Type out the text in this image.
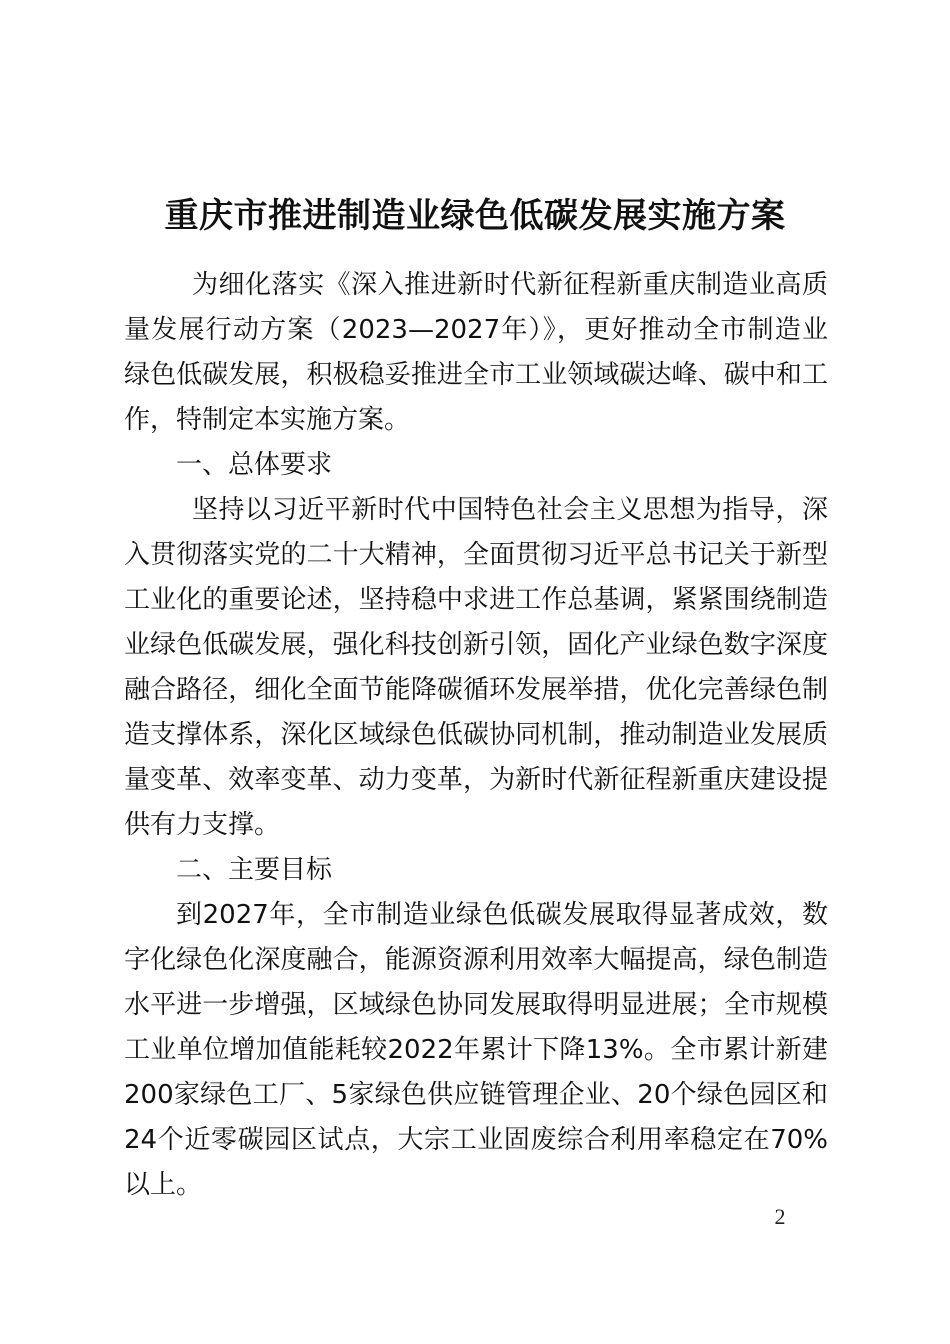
重庆市推进制造业绿色低碳发展实施方案

为细化落实《深入推进新时代新征程新重庆制造业高质量发展行动方案（2023—2027年）》，更好推动全市制造业绿色低碳发展，积极稳妥推进全市工业领域碳达峰、碳中和工作，特制定本实施方案。

一、总体要求

坚持以习近平新时代中国特色社会主义思想为指导，深入贯彻落实党的二十大精神，全面贯彻习近平总书记关于新型工业化的重要论述，坚持稳中求进工作总基调，紧紧围绕制造业绿色低碳发展，强化科技创新引领，固化产业绿色数字深度融合路径，细化全面节能降碳循环发展举措，优化完善绿色制造支撑体系，深化区域绿色低碳协同机制，推动制造业发展质量变革、效率变革、动力变革，为新时代新征程新重庆建设提供有力支撑。

二、主要目标

到2027年，全市制造业绿色低碳发展取得显著成效，数字化绿色化深度融合，能源资源利用效率大幅提高，绿色制造水平进一步增强，区域绿色协同发展取得明显进展；全市规模工业单位增加值能耗较2022年累计下降13%。全市累计新建200家绿色工厂、5家绿色供应链管理企业、20个绿色园区和24个近零碳园区试点，大宗工业固废综合利用率稳定在70%以上。

2
